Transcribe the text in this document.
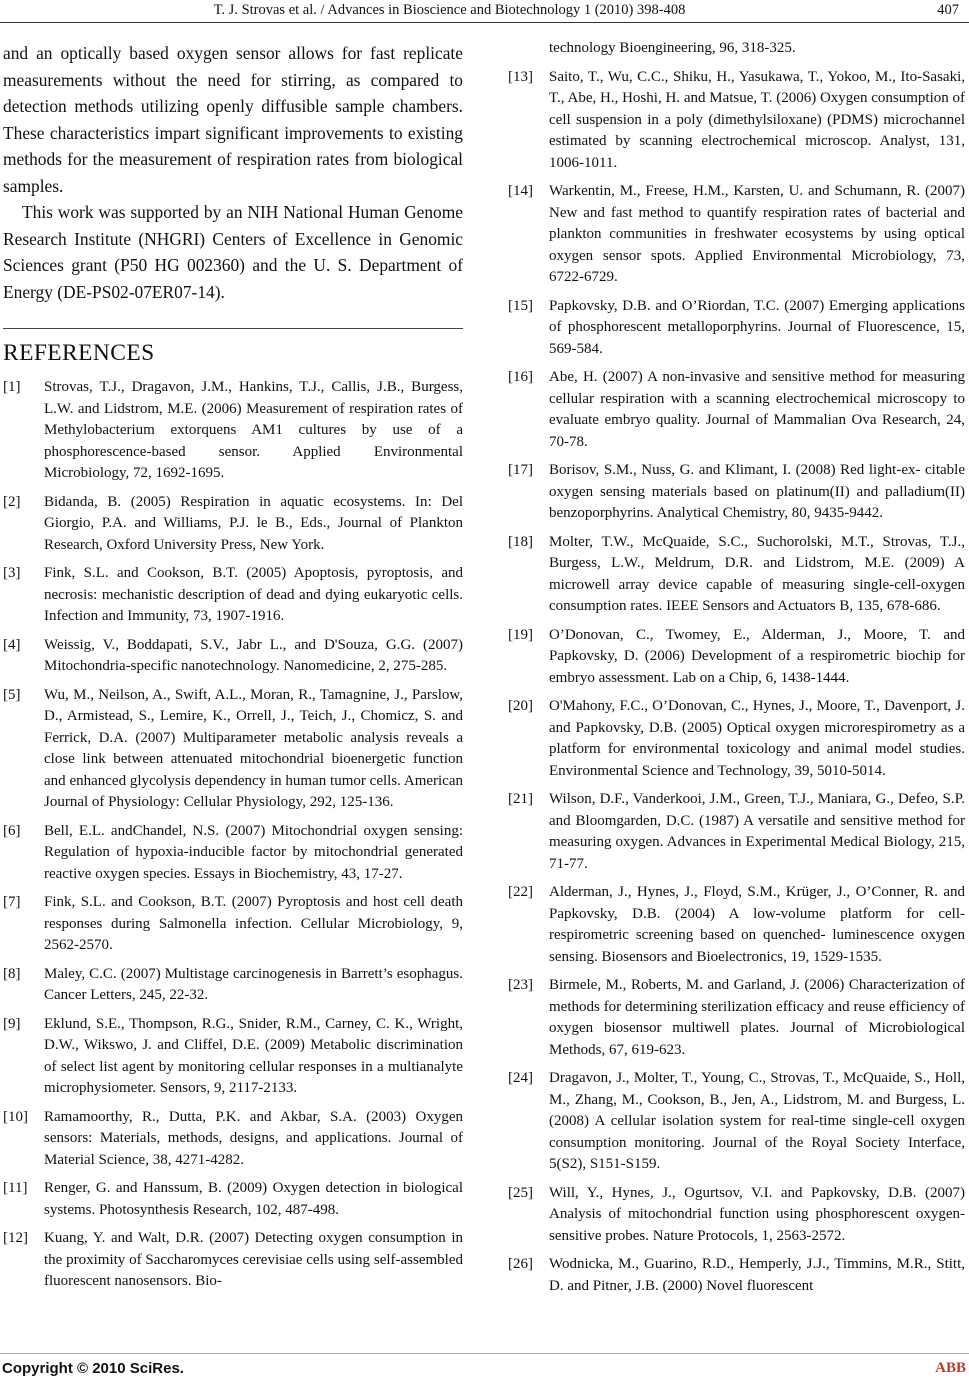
T. J. Strovas et al. / Advances in Bioscience and Biotechnology 1 (2010) 398-408	407

and an optically based oxygen sensor allows for fast replicate measurements without the need for stirring, as compared to detection methods utilizing openly diffusible sample chambers. These characteristics impart significant improvements to existing methods for the measurement of respiration rates from biological samples.

This work was supported by an NIH National Human Genome Research Institute (NHGRI) Centers of Excellence in Genomic Sciences grant (P50 HG 002360) and the U. S. Department of Energy (DE-PS02-07ER07-14).

REFERENCES
[1]	Strovas, T.J., Dragavon, J.M., Hankins, T.J., Callis, J.B., Burgess, L.W. and Lidstrom, M.E. (2006) Measurement of respiration rates of Methylobacterium extorquens AM1 cultures by use of a phosphorescence-based sensor. Applied Environmental Microbiology, 72, 1692-1695.
[2]	Bidanda, B. (2005) Respiration in aquatic ecosystems. In: Del Giorgio, P.A. and Williams, P.J. le B., Eds., Journal of Plankton Research, Oxford University Press, New York.
[3]	Fink, S.L. and Cookson, B.T. (2005) Apoptosis, pyroptosis, and necrosis: mechanistic description of dead and dying eukaryotic cells. Infection and Immunity, 73, 1907-1916.
[4]	Weissig, V., Boddapati, S.V., Jabr L., and D'Souza, G.G. (2007) Mitochondria-specific nanotechnology. Nanomedicine, 2, 275-285.
[5]	Wu, M., Neilson, A., Swift, A.L., Moran, R., Tamagnine, J., Parslow, D., Armistead, S., Lemire, K., Orrell, J., Teich, J., Chomicz, S. and Ferrick, D.A. (2007) Multiparameter metabolic analysis reveals a close link between attenuated mitochondrial bioenergetic function and enhanced glycolysis dependency in human tumor cells. American Journal of Physiology: Cellular Physiology, 292, 125-136.
[6]	Bell, E.L. andChandel, N.S. (2007) Mitochondrial oxygen sensing: Regulation of hypoxia-inducible factor by mitochondrial generated reactive oxygen species. Essays in Biochemistry, 43, 17-27.
[7]	Fink, S.L. and Cookson, B.T. (2007) Pyroptosis and host cell death responses during Salmonella infection. Cellular Microbiology, 9, 2562-2570.
[8]	Maley, C.C. (2007) Multistage carcinogenesis in Barrett’s esophagus. Cancer Letters, 245, 22-32.
[9]	Eklund, S.E., Thompson, R.G., Snider, R.M., Carney, C. K., Wright, D.W., Wikswo, J. and Cliffel, D.E. (2009) Metabolic discrimination of select list agent by monitoring cellular responses in a multianalyte microphysiometer. Sensors, 9, 2117-2133.
[10]	Ramamoorthy, R., Dutta, P.K. and Akbar, S.A. (2003) Oxygen sensors: Materials, methods, designs, and applications. Journal of Material Science, 38, 4271-4282.
[11]	Renger, G. and Hanssum, B. (2009) Oxygen detection in biological systems. Photosynthesis Research, 102, 487-498.
[12]	Kuang, Y. and Walt, D.R. (2007) Detecting oxygen consumption in the proximity of Saccharomyces cerevisiae cells using self-assembled fluorescent nanosensors. Bio-
technology Bioengineering, 96, 318-325.
[13]	Saito, T., Wu, C.C., Shiku, H., Yasukawa, T., Yokoo, M., Ito-Sasaki, T., Abe, H., Hoshi, H. and Matsue, T. (2006) Oxygen consumption of cell suspension in a poly (dimethylsiloxane) (PDMS) microchannel estimated by scanning electrochemical microscop. Analyst, 131, 1006-1011.
[14]	Warkentin, M., Freese, H.M., Karsten, U. and Schumann, R. (2007) New and fast method to quantify respiration rates of bacterial and plankton communities in freshwater ecosystems by using optical oxygen sensor spots. Applied Environmental Microbiology, 73, 6722-6729.
[15]	Papkovsky, D.B. and O’Riordan, T.C. (2007) Emerging applications of phosphorescent metalloporphyrins. Journal of Fluorescence, 15, 569-584.
[16]	Abe, H. (2007) A non-invasive and sensitive method for measuring cellular respiration with a scanning electrochemical microscopy to evaluate embryo quality. Journal of Mammalian Ova Research, 24, 70-78.
[17]	Borisov, S.M., Nuss, G. and Klimant, I. (2008) Red light-ex- citable oxygen sensing materials based on platinum(II) and palladium(II) benzoporphyrins. Analytical Chemistry, 80, 9435-9442.
[18]	Molter, T.W., McQuaide, S.C., Suchorolski, M.T., Strovas, T.J., Burgess, L.W., Meldrum, D.R. and Lidstrom, M.E. (2009) A microwell array device capable of measuring single-cell-oxygen consumption rates. IEEE Sensors and Actuators B, 135, 678-686.
[19]	O’Donovan, C., Twomey, E., Alderman, J., Moore, T. and Papkovsky, D. (2006) Development of a respirometric biochip for embryo assessment. Lab on a Chip, 6, 1438-1444.
[20]	O'Mahony, F.C., O’Donovan, C., Hynes, J., Moore, T., Davenport, J. and Papkovsky, D.B. (2005) Optical oxygen microrespirometry as a platform for environmental toxicology and animal model studies. Environmental Science and Technology, 39, 5010-5014.
[21]	Wilson, D.F., Vanderkooi, J.M., Green, T.J., Maniara, G., Defeo, S.P. and Bloomgarden, D.C. (1987) A versatile and sensitive method for measuring oxygen. Advances in Experimental Medical Biology, 215, 71-77.
[22]	Alderman, J., Hynes, J., Floyd, S.M., Krüger, J., O’Conner, R. and Papkovsky, D.B. (2004) A low-volume platform for cell-respirometric screening based on quenched- luminescence oxygen sensing. Biosensors and Bioelectronics, 19, 1529-1535.
[23]	Birmele, M., Roberts, M. and Garland, J. (2006) Characterization of methods for determining sterilization efficacy and reuse efficiency of oxygen biosensor multiwell plates. Journal of Microbiological Methods, 67, 619-623.
[24]	Dragavon, J., Molter, T., Young, C., Strovas, T., McQuaide, S., Holl, M., Zhang, M., Cookson, B., Jen, A., Lidstrom, M. and Burgess, L. (2008) A cellular isolation system for real-time single-cell oxygen consumption monitoring. Journal of the Royal Society Interface, 5(S2), S151-S159.
[25]	Will, Y., Hynes, J., Ogurtsov, V.I. and Papkovsky, D.B. (2007) Analysis of mitochondrial function using phosphorescent oxygen-sensitive probes. Nature Protocols, 1, 2563-2572.
[26]	Wodnicka, M., Guarino, R.D., Hemperly, J.J., Timmins, M.R., Stitt, D. and Pitner, J.B. (2000) Novel fluorescent
Copyright © 2010 SciRes.	ABB
